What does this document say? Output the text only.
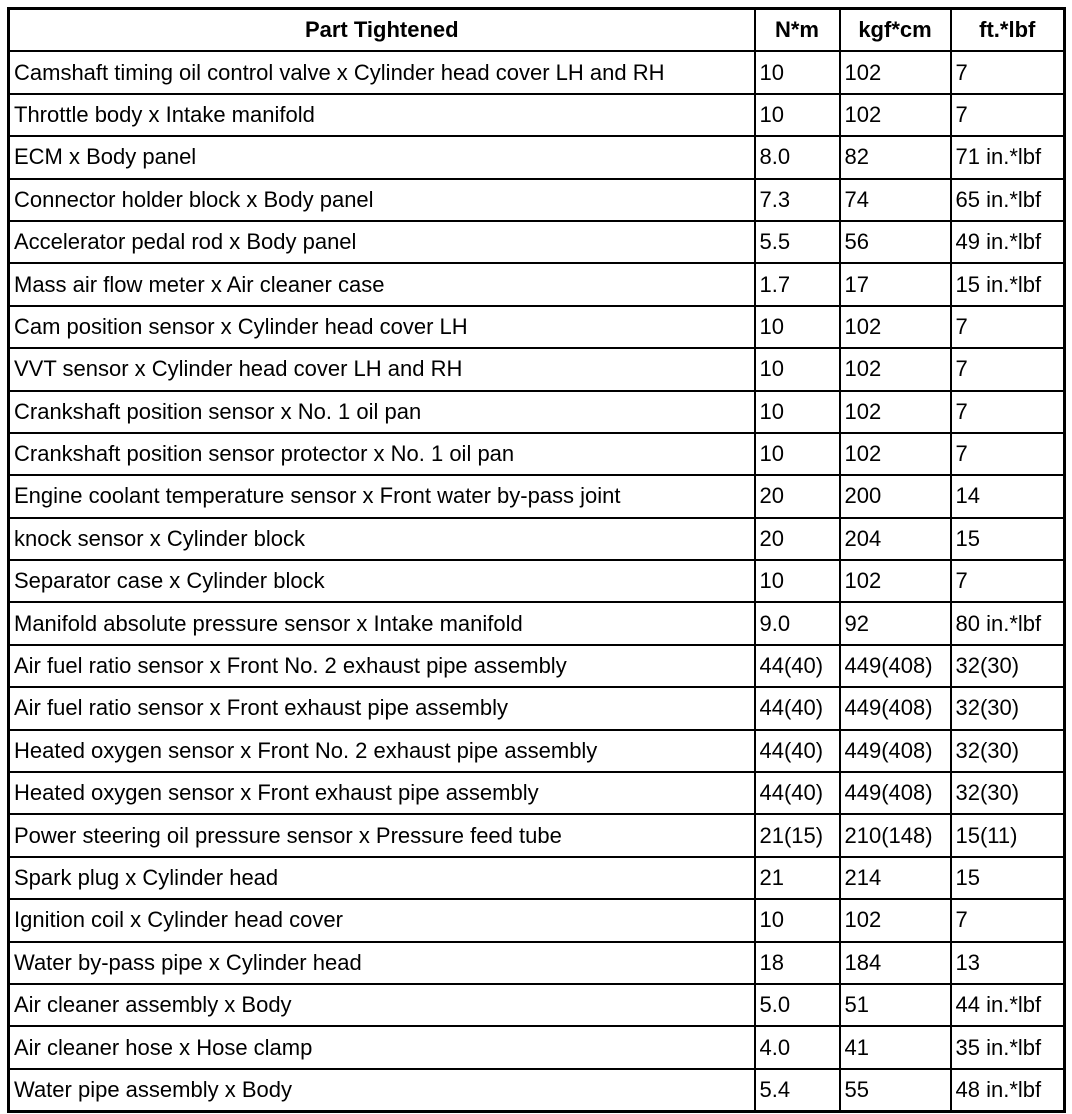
Part Tightened	N*m	kgf*cm	ft.*lbf
Camshaft timing oil control valve x Cylinder head cover LH and RH	10	102	7
Throttle body x Intake manifold	10	102	7
ECM x Body panel	8.0	82	71 in.*lbf
Connector holder block x Body panel	7.3	74	65 in.*lbf
Accelerator pedal rod x Body panel	5.5	56	49 in.*lbf
Mass air flow meter x Air cleaner case	1.7	17	15 in.*lbf
Cam position sensor x Cylinder head cover LH	10	102	7
VVT sensor x Cylinder head cover LH and RH	10	102	7
Crankshaft position sensor x No. 1 oil pan	10	102	7
Crankshaft position sensor protector x No. 1 oil pan	10	102	7
Engine coolant temperature sensor x Front water by-pass joint	20	200	14
knock sensor x Cylinder block	20	204	15
Separator case x Cylinder block	10	102	7
Manifold absolute pressure sensor x Intake manifold	9.0	92	80 in.*lbf
Air fuel ratio sensor x Front No. 2 exhaust pipe assembly	44(40)	449(408)	32(30)
Air fuel ratio sensor x Front exhaust pipe assembly	44(40)	449(408)	32(30)
Heated oxygen sensor x Front No. 2 exhaust pipe assembly	44(40)	449(408)	32(30)
Heated oxygen sensor x Front exhaust pipe assembly	44(40)	449(408)	32(30)
Power steering oil pressure sensor x Pressure feed tube	21(15)	210(148)	15(11)
Spark plug x Cylinder head	21	214	15
Ignition coil x Cylinder head cover	10	102	7
Water by-pass pipe x Cylinder head	18	184	13
Air cleaner assembly x Body	5.0	51	44 in.*lbf
Air cleaner hose x Hose clamp	4.0	41	35 in.*lbf
Water pipe assembly x Body	5.4	55	48 in.*lbf
